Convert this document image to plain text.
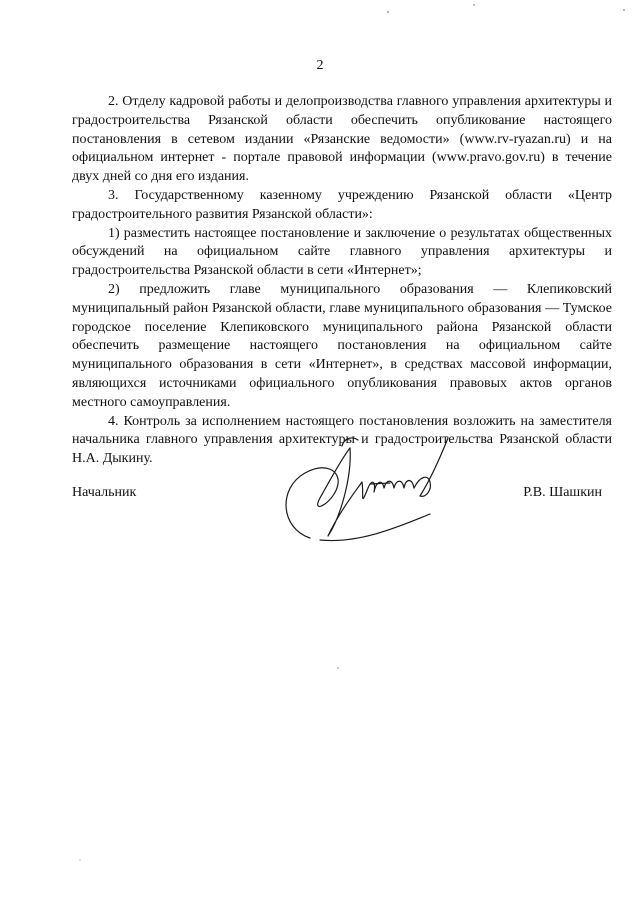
2

2. Отделу кадровой работы и делопроизводства главного управления архитектуры и градостроительства Рязанской области обеспечить опубликование настоящего постановления в сетевом издании «Рязанские ведомости» (www.rv-ryazan.ru) и на официальном интернет - портале правовой информации (www.pravo.gov.ru) в течение двух дней со дня его издания.

3. Государственному казенному учреждению Рязанской области «Центр градостроительного развития Рязанской области»:

1) разместить настоящее постановление и заключение о результатах общественных обсуждений на официальном сайте главного управления архитектуры и градостроительства Рязанской области в сети «Интернет»;

2) предложить главе муниципального образования — Клепиковский муниципальный район Рязанской области, главе муниципального образования — Тумское городское поселение Клепиковского муниципального района Рязанской области обеспечить размещение настоящего постановления на официальном сайте муниципального образования в сети «Интернет», в средствах массовой информации, являющихся источниками официального опубликования правовых актов органов местного самоуправления.

4. Контроль за исполнением настоящего постановления возложить на заместителя начальника главного управления архитектуры и градостроительства Рязанской области Н.А. Дыкину.

Начальник	Р.В. Шашкин
